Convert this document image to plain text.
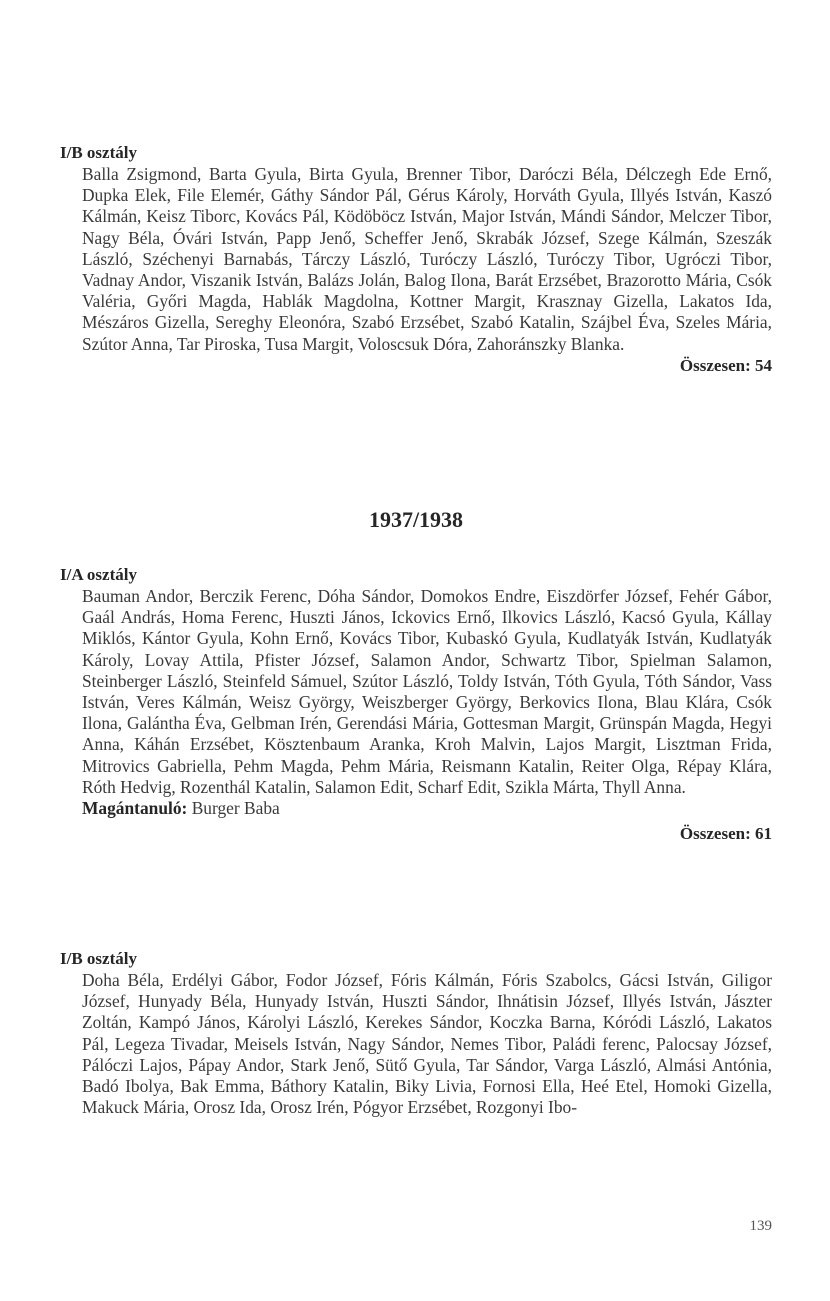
I/B osztály

Balla Zsigmond, Barta Gyula, Birta Gyula, Brenner Tibor, Daróczi Béla, Délczegh Ede Ernő, Dupka Elek, File Elemér, Gáthy Sándor Pál, Gérus Károly, Horváth Gyula, Illyés István, Kaszó Kálmán, Keisz Tiborc, Kovács Pál, Ködöböcz István, Major István, Mándi Sándor, Melczer Tibor, Nagy Béla, Óvári István, Papp Jenő, Scheffer Jenő, Skrabák József, Szege Kálmán, Szeszák László, Széchenyi Barnabás, Tárczy László, Turóczy László, Turóczy Tibor, Ugróczi Tibor, Vadnay Andor, Viszanik István, Balázs Jolán, Balog Ilona, Barát Erzsébet, Brazorotto Mária, Csók Valéria, Győri Magda, Hablák Magdolna, Kottner Margit, Krasznay Gizella, Lakatos Ida, Mészáros Gizella, Sereghy Eleonóra, Szabó Erzsébet, Szabó Katalin, Szájbel Éva, Szeles Mária, Szútor Anna, Tar Piroska, Tusa Margit, Voloscsuk Dóra, Zahoránszky Blanka.

Összesen: 54

1937/1938

I/A osztály

Bauman Andor, Berczik Ferenc, Dóha Sándor, Domokos Endre, Eiszdörfer József, Fehér Gábor, Gaál András, Homa Ferenc, Huszti János, Ickovics Ernő, Ilkovics László, Kacsó Gyula, Kállay Miklós, Kántor Gyula, Kohn Ernő, Kovács Tibor, Kubaskó Gyula, Kudlatyák István, Kudlatyák Károly, Lovay Attila, Pfister József, Salamon Andor, Schwartz Tibor, Spielman Salamon, Steinberger László, Steinfeld Sámuel, Szútor László, Toldy István, Tóth Gyula, Tóth Sándor, Vass István, Veres Kálmán, Weisz György, Weiszberger György, Berkovics Ilona, Blau Klára, Csók Ilona, Galántha Éva, Gelbman Irén, Gerendási Mária, Gottesman Margit, Grünspán Magda, Hegyi Anna, Káhán Erzsébet, Kösztenbaum Aranka, Kroh Malvin, Lajos Margit, Lisztman Frida, Mitrovics Gabriella, Pehm Magda, Pehm Mária, Reismann Katalin, Reiter Olga, Répay Klára, Róth Hedvig, Rozenthál Katalin, Salamon Edit, Scharf Edit, Szikla Márta, Thyll Anna.

Magántanuló: Burger Baba

Összesen: 61

I/B osztály

Doha Béla, Erdélyi Gábor, Fodor József, Fóris Kálmán, Fóris Szabolcs, Gácsi István, Giligor József, Hunyady Béla, Hunyady István, Huszti Sándor, Ihnátisin József, Illyés István, Jászter Zoltán, Kampó János, Károlyi László, Kerekes Sándor, Koczka Barna, Kóródi László, Lakatos Pál, Legeza Tivadar, Meisels István, Nagy Sándor, Nemes Tibor, Paládi ferenc, Palocsay József, Pálóczi Lajos, Pápay Andor, Stark Jenő, Sütő Gyula, Tar Sándor, Varga László, Almási Antónia, Badó Ibolya, Bak Emma, Báthory Katalin, Biky Livia, Fornosi Ella, Heé Etel, Homoki Gizella, Makuck Mária, Orosz Ida, Orosz Irén, Pógyor Erzsébet, Rozgonyi Ibo-

139
